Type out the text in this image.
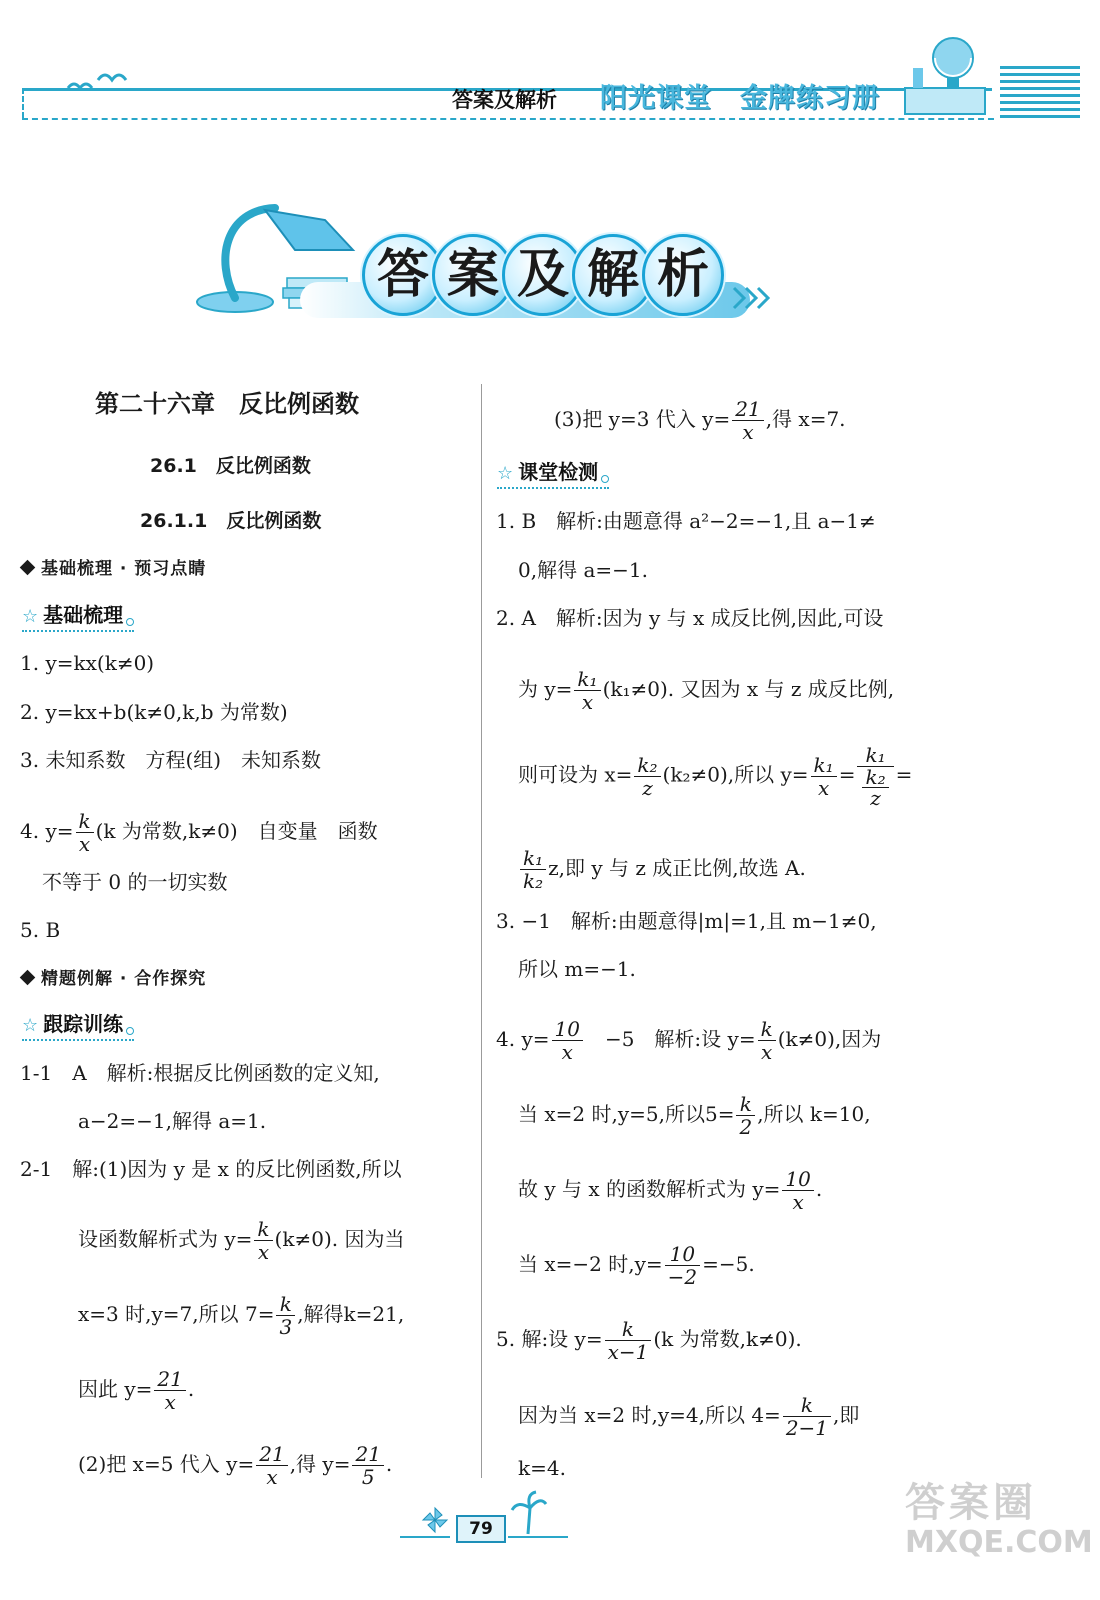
答案及解析 阳光课堂 金牌练习册
答 案 及 解 析
第二十六章　反比例函数
26.1　反比例函数
26.1.1　反比例函数
基础梳理 · 预习点睛
☆ 基础梳理
1. y=kx(k≠0)
2. y=kx+b(k≠0,k,b 为常数)
3. 未知系数　方程(组)　未知系数
4. $y= \frac{k}{x} (k$ 为常数,k≠0)　自变量　函数
不等于 0 的一切实数
5. B
精题例解 · 合作探究
☆ 跟踪训练
1-1　A　解析:根据反比例函数的定义知,
a−2=−1,解得 a=1.
2-1　解:(1)因为 y 是 x 的反比例函数,所以
设函数解析式为 $y= \frac{k}{x} (k\ne 0)$. 因为当
x=3 时,y=7,所以 $7= \frac{k}{3}$ ,解得k=21,
因此 $y= \frac{21}{x}$ .
(2)把 x=5 代入 $y= \frac{21}{x}$ ,得 $y= \frac{21}{5}$ .
(3)把 y=3 代入 $y= \frac{21}{x}$ ,得 x=7.
☆ 课堂检测
1. B　解析:由题意得 a²−2=−1,且 a−1≠
0,解得 a=−1.
2. A　解析:因为 y 与 x 成反比例,因此,可设
为 $y= \frac{\text{k₁}}{x} (k_1\ne 0)$. 又因为 x 与 z 成反比例,
则可设为 $x= \frac{\text{k₂}}{z} (k_2\ne 0)$,所以 $y= \frac{\text{k₁}}{x} = \frac{\text{k₁}}{\frac{\text{k₂}}{z}}$ =
$\frac{\text{k₁}}{\text{k₂}} z$,即 y 与 z 成正比例,故选 A.
3. −1　解析:由题意得|m|=1,且 m−1≠0,
所以 m=−1.
4. $y= \frac{10}{x}$
　 −5　解析:设 $y= \frac{k}{x} (k\ne 0)$,因为
当 x=2 时,y=5,所以$5= \frac{k}{2}$ ,所以 k=10,
故 y 与 x 的函数解析式为 $y= \frac{10}{x}$ .
当 x=−2 时$,y= \frac{10}{-2} =-5$.
5. 解:设 $y= \frac{k}{x-1} (k$ 为常数,k≠0).
因为当 x=2 时,y=4,所以 $4= \frac{k}{2-1}$ ,即
k=4.
79
答案圈
MXQE.COM
